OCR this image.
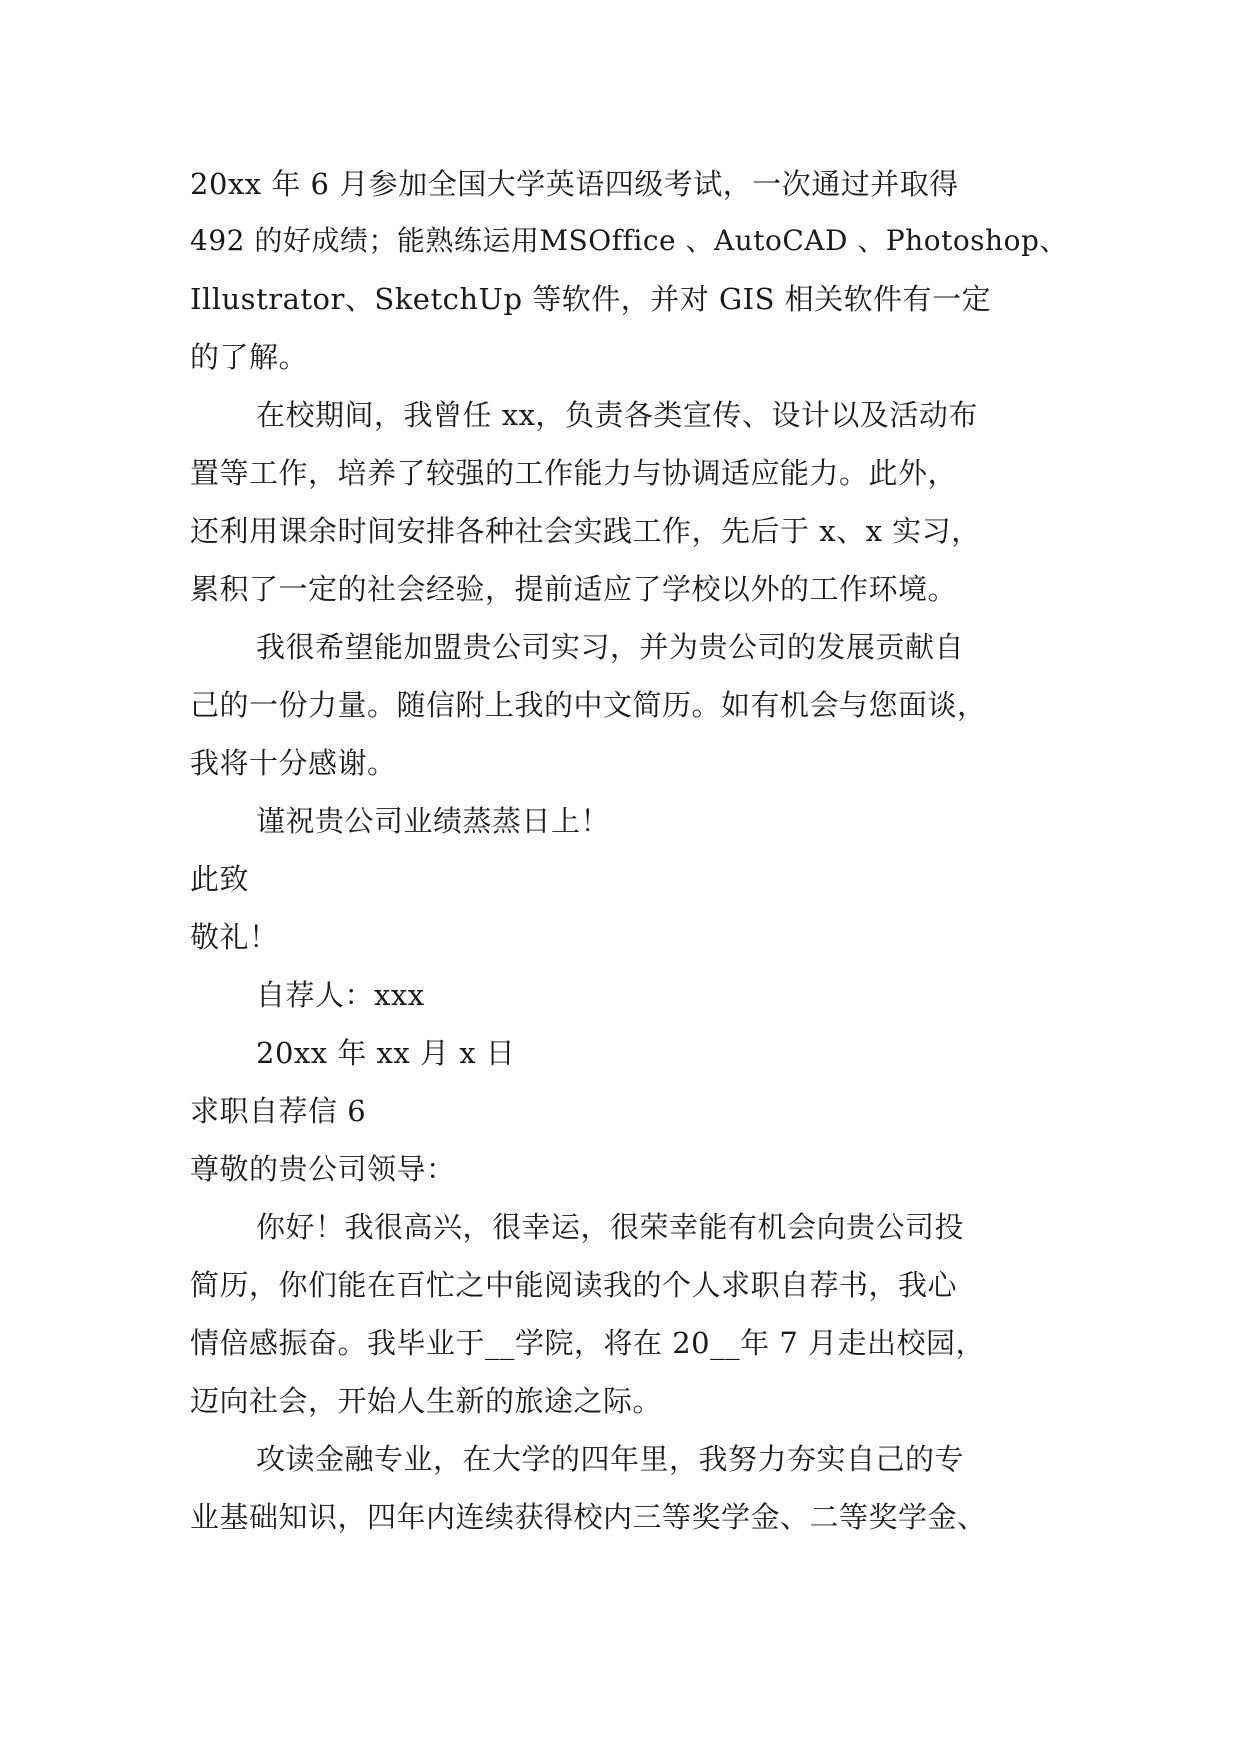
20xx 年 6 月参加全国大学英语四级考试，一次通过并取得
492 的好成绩；能熟练运用MSOffice 、AutoCAD 、Photoshop、
Illustrator、SketchUp 等软件，并对 GIS 相关软件有一定
的了解。
在校期间，我曾任 xx，负责各类宣传、设计以及活动布
置等工作，培养了较强的工作能力与协调适应能力。此外，
还利用课余时间安排各种社会实践工作，先后于 x、x 实习，
累积了一定的社会经验，提前适应了学校以外的工作环境。
我很希望能加盟贵公司实习，并为贵公司的发展贡献自
己的一份力量。随信附上我的中文简历。如有机会与您面谈，
我将十分感谢。
谨祝贵公司业绩蒸蒸日上！
此致
敬礼！
自荐人：xxx
20xx 年 xx 月 x 日
求职自荐信 6
尊敬的贵公司领导：
你好！我很高兴，很幸运，很荣幸能有机会向贵公司投
简历，你们能在百忙之中能阅读我的个人求职自荐书，我心
情倍感振奋。我毕业于__学院，将在 20__年 7 月走出校园，
迈向社会，开始人生新的旅途之际。
攻读金融专业，在大学的四年里，我努力夯实自己的专
业基础知识，四年内连续获得校内三等奖学金、二等奖学金、
